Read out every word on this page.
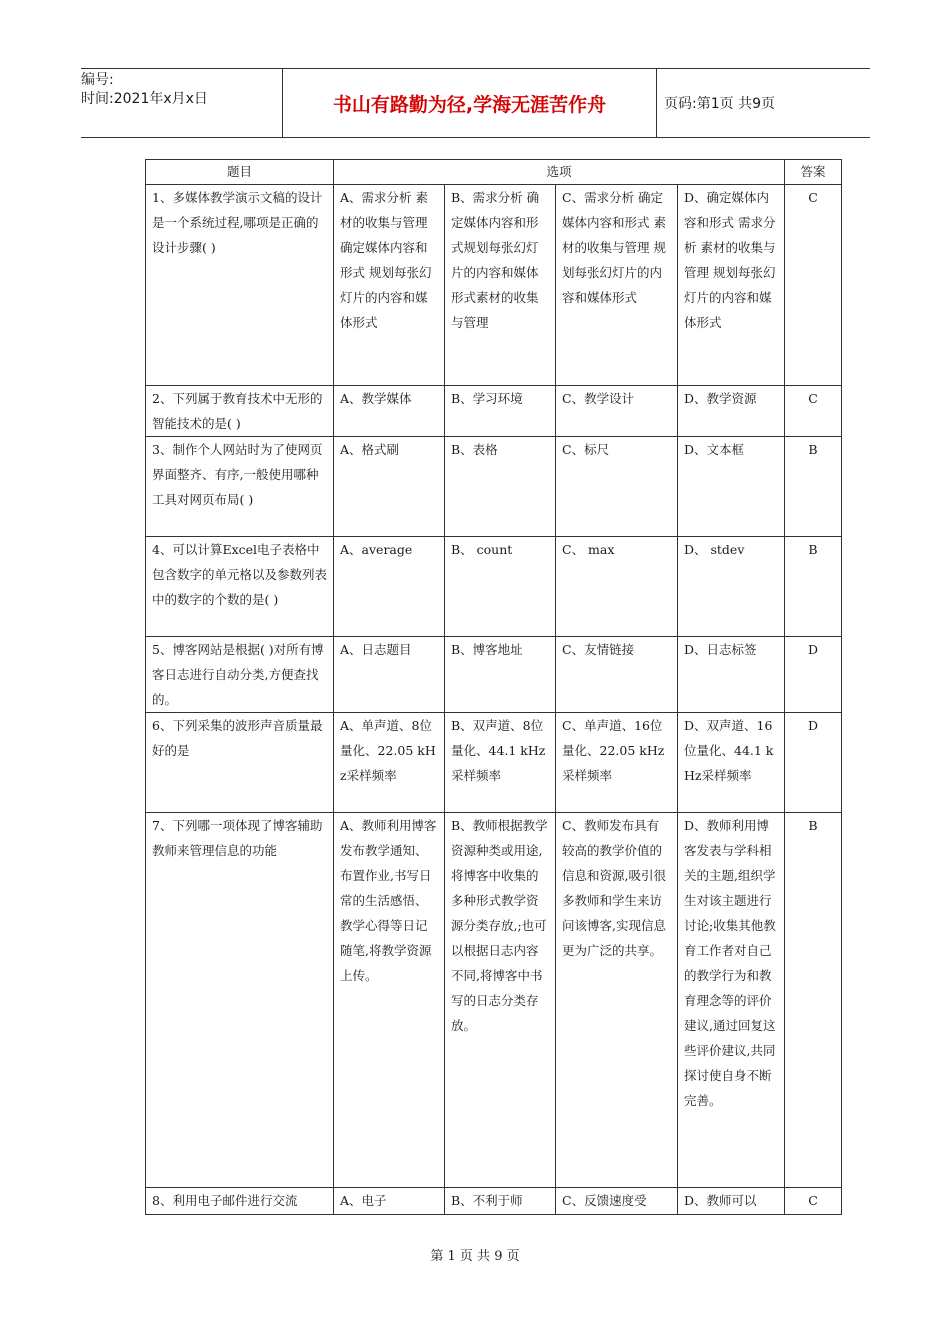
编号:
时间:2021年x月x日	书山有路勤为径,学海无涯苦作舟	页码:第1页 共9页
题目	选项				答案
1、多媒体教学演示文稿的设计是一个系统过程,哪项是正确的设计步骤( )	A、需求分析 素材的收集与管理 确定媒体内容和形式 规划每张幻灯片的内容和媒体形式	B、需求分析 确定媒体内容和形式规划每张幻灯片的内容和媒体形式素材的收集与管理	C、需求分析 确定媒体内容和形式 素材的收集与管理 规划每张幻灯片的内容和媒体形式	D、确定媒体内容和形式 需求分析 素材的收集与管理 规划每张幻灯片的内容和媒体形式	C
2、下列属于教育技术中无形的智能技术的是( )	A、教学媒体	B、学习环境	C、教学设计	D、教学资源	C
3、制作个人网站时为了使网页界面整齐、有序,一般使用哪种工具对网页布局( )	A、格式刷	B、表格	C、标尺	D、文本框	B
4、可以计算Excel电子表格中包含数字的单元格以及参数列表中的数字的个数的是( )	A、average	B、 count	C、 max	D、 stdev	B
5、博客网站是根据( )对所有博客日志进行自动分类,方便查找的。	A、日志题目	B、博客地址	C、友情链接	D、日志标签	D
6、下列采集的波形声音质量最好的是	A、单声道、8位量化、22.05 kHz采样频率	B、双声道、8位量化、44.1 kHz采样频率	C、单声道、16位量化、22.05 kHz采样频率	D、双声道、16位量化、44.1 kHz采样频率	D
7、下列哪一项体现了博客辅助教师来管理信息的功能	A、教师利用博客发布教学通知、布置作业,书写日常的生活感悟、教学心得等日记随笔,将教学资源上传。	B、教师根据教学资源种类或用途,将博客中收集的多种形式教学资源分类存放,;也可以根据日志内容不同,将博客中书写的日志分类存放。	C、教师发布具有较高的教学价值的信息和资源,吸引很多教师和学生来访问该博客,实现信息更为广泛的共享。	D、教师利用博客发表与学科相关的主题,组织学生对该主题进行讨论;收集其他教育工作者对自己的教学行为和教育理念等的评价建议,通过回复这些评价建议,共同探讨使自身不断完善。	B
8、利用电子邮件进行交流	A、电子	B、不利于师	C、反馈速度受	D、教师可以	C
第 1 页 共 9 页
